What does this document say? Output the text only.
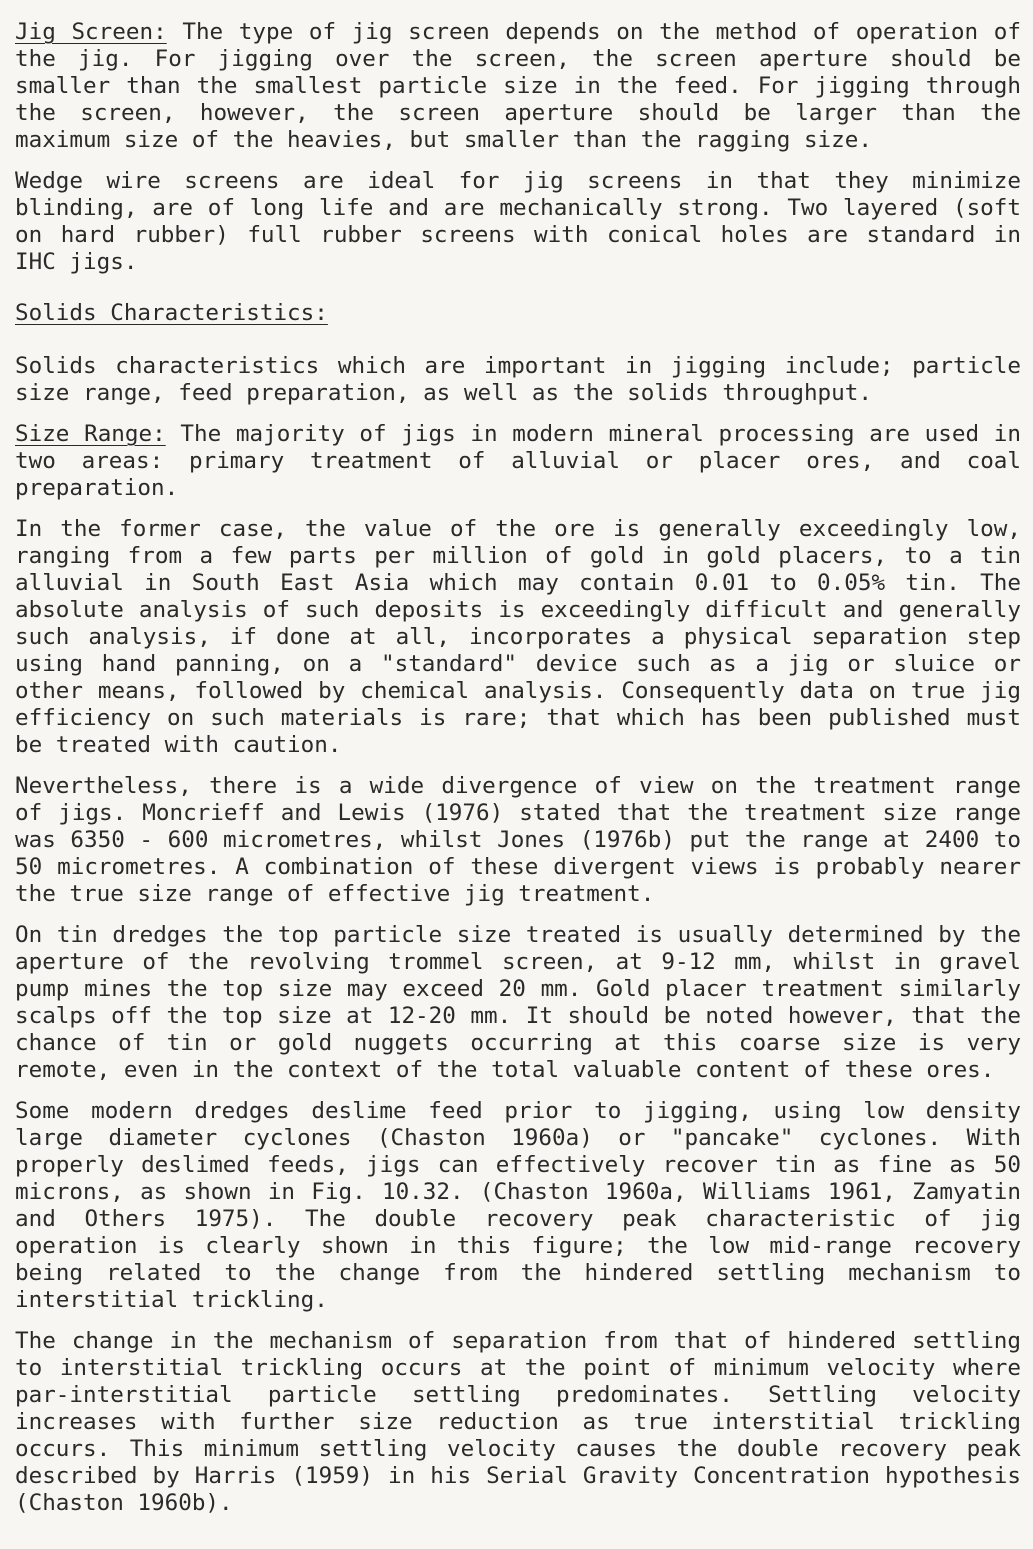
Jig Screen: The type of jig screen depends on the method of operation of the jig. For jigging over the screen, the screen aperture should be smaller than the smallest particle size in the feed. For jigging through the screen, however, the screen aperture should be larger than the maximum size of the heavies, but smaller than the ragging size.

Wedge wire screens are ideal for jig screens in that they minimize blinding, are of long life and are mechanically strong. Two layered (soft on hard rubber) full rubber screens with conical holes are standard in IHC jigs.

Solids Characteristics:

Solids characteristics which are important in jigging include; particle size range, feed preparation, as well as the solids throughput.

Size Range: The majority of jigs in modern mineral processing are used in two areas: primary treatment of alluvial or placer ores, and coal preparation.

In the former case, the value of the ore is generally exceedingly low, ranging from a few parts per million of gold in gold placers, to a tin alluvial in South East Asia which may contain 0.01 to 0.05% tin. The absolute analysis of such deposits is exceedingly difficult and generally such analysis, if done at all, incorporates a physical separation step using hand panning, on a "standard" device such as a jig or sluice or other means, followed by chemical analysis. Consequently data on true jig efficiency on such materials is rare; that which has been published must be treated with caution.

Nevertheless, there is a wide divergence of view on the treatment range of jigs. Moncrieff and Lewis (1976) stated that the treatment size range was 6350 - 600 micrometres, whilst Jones (1976b) put the range at 2400 to 50 micrometres. A combination of these divergent views is probably nearer the true size range of effective jig treatment.

On tin dredges the top particle size treated is usually determined by the aperture of the revolving trommel screen, at 9-12 mm, whilst in gravel pump mines the top size may exceed 20 mm. Gold placer treatment similarly scalps off the top size at 12-20 mm. It should be noted however, that the chance of tin or gold nuggets occurring at this coarse size is very remote, even in the context of the total valuable content of these ores.

Some modern dredges deslime feed prior to jigging, using low density large diameter cyclones (Chaston 1960a) or "pancake" cyclones. With properly deslimed feeds, jigs can effectively recover tin as fine as 50 microns, as shown in Fig. 10.32. (Chaston 1960a, Williams 1961, Zamyatin and Others 1975). The double recovery peak characteristic of jig operation is clearly shown in this figure; the low mid-range recovery being related to the change from the hindered settling mechanism to interstitial trickling.

The change in the mechanism of separation from that of hindered settling to interstitial trickling occurs at the point of minimum velocity where par-interstitial particle settling predominates. Settling velocity increases with further size reduction as true interstitial trickling occurs. This minimum settling velocity causes the double recovery peak described by Harris (1959) in his Serial Gravity Concentration hypothesis (Chaston 1960b).
